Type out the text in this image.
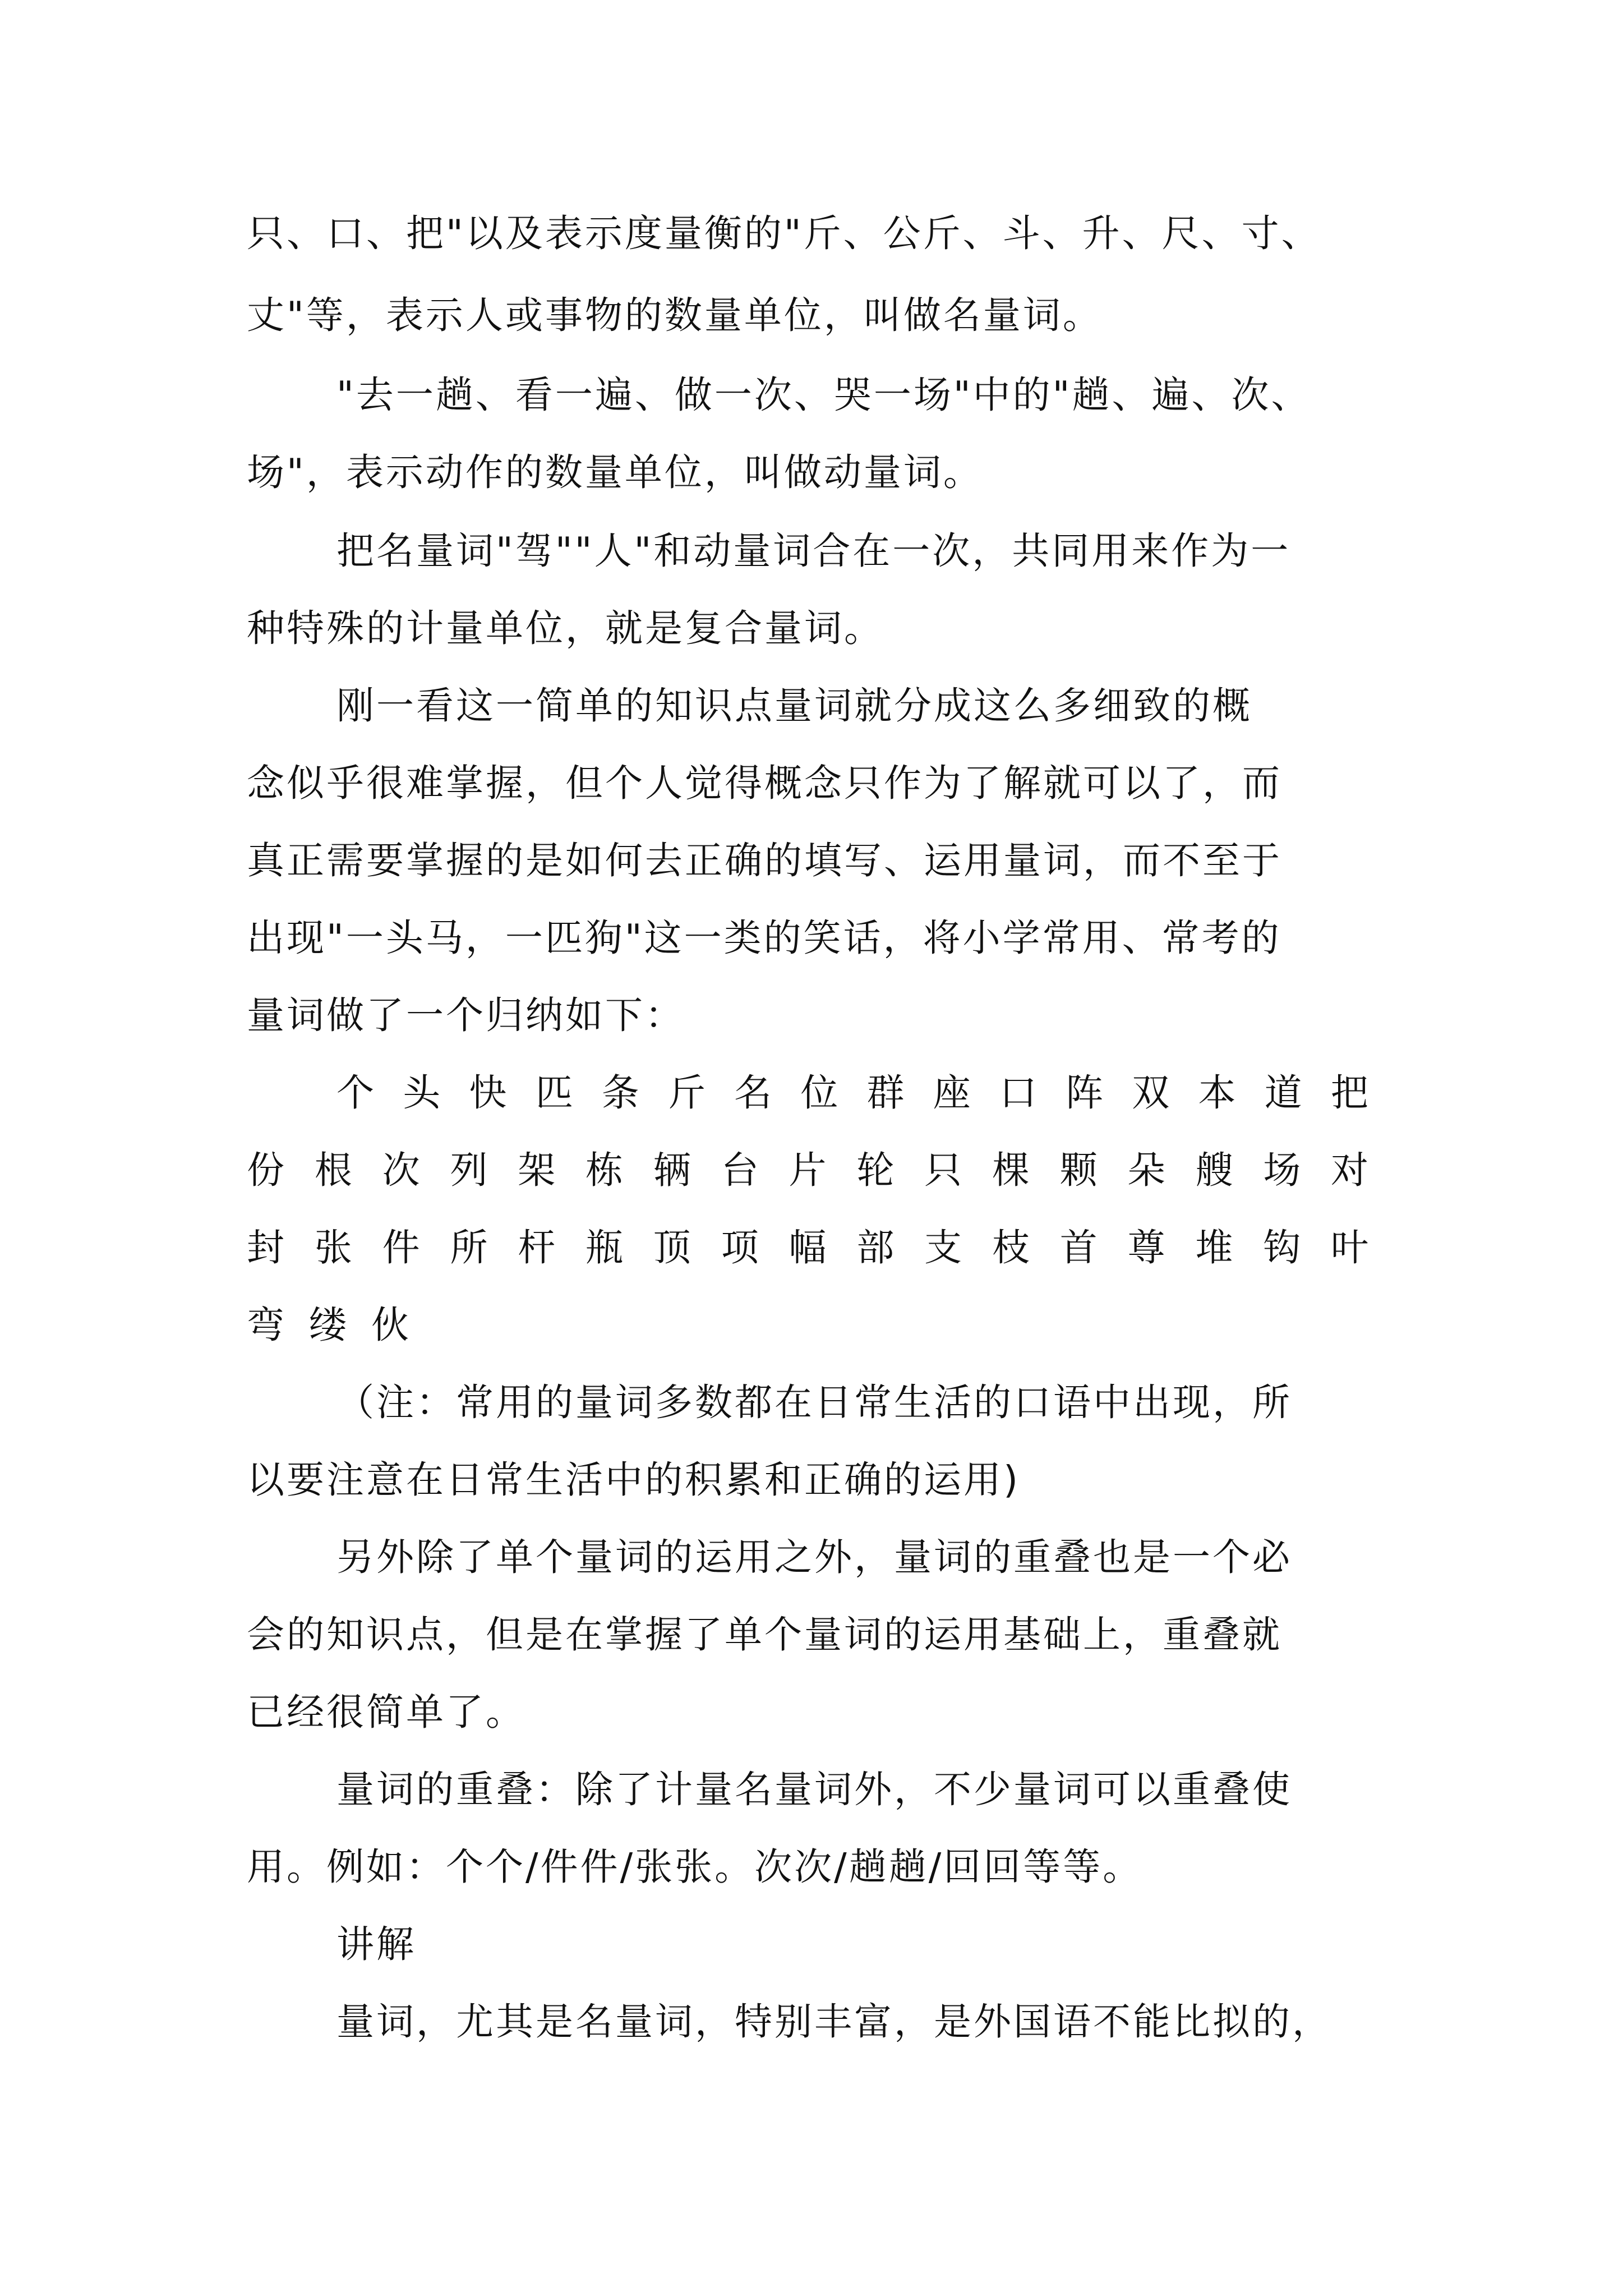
只、口、把"以及表示度量衡的"斤、公斤、斗、升、尺、寸、
丈"等，表示人或事物的数量单位，叫做名量词。
"去一趟、看一遍、做一次、哭一场"中的"趟、遍、次、
场"，表示动作的数量单位，叫做动量词。
把名量词"驾""人"和动量词合在一次，共同用来作为一
种特殊的计量单位，就是复合量词。
刚一看这一简单的知识点量词就分成这么多细致的概
念似乎很难掌握，但个人觉得概念只作为了解就可以了，而
真正需要掌握的是如何去正确的填写、运用量词，而不至于
出现"一头马，一匹狗"这一类的笑话，将小学常用、常考的
量词做了一个归纳如下：
个 头 快 匹 条 斤 名 位 群 座 口 阵 双 本 道 把
份 根 次 列 架 栋 辆 台 片 轮 只 棵 颗 朵 艘 场 对
封 张 件 所 杆 瓶 顶 项 幅 部 支 枝 首 尊 堆 钩 叶
弯 缕 伙
（注：常用的量词多数都在日常生活的口语中出现，所
以要注意在日常生活中的积累和正确的运用)
另外除了单个量词的运用之外，量词的重叠也是一个必
会的知识点，但是在掌握了单个量词的运用基础上，重叠就
已经很简单了。
量词的重叠：除了计量名量词外，不少量词可以重叠使
用。例如：个个/件件/张张。次次/趟趟/回回等等。
讲解
量词，尤其是名量词，特别丰富，是外国语不能比拟的，
